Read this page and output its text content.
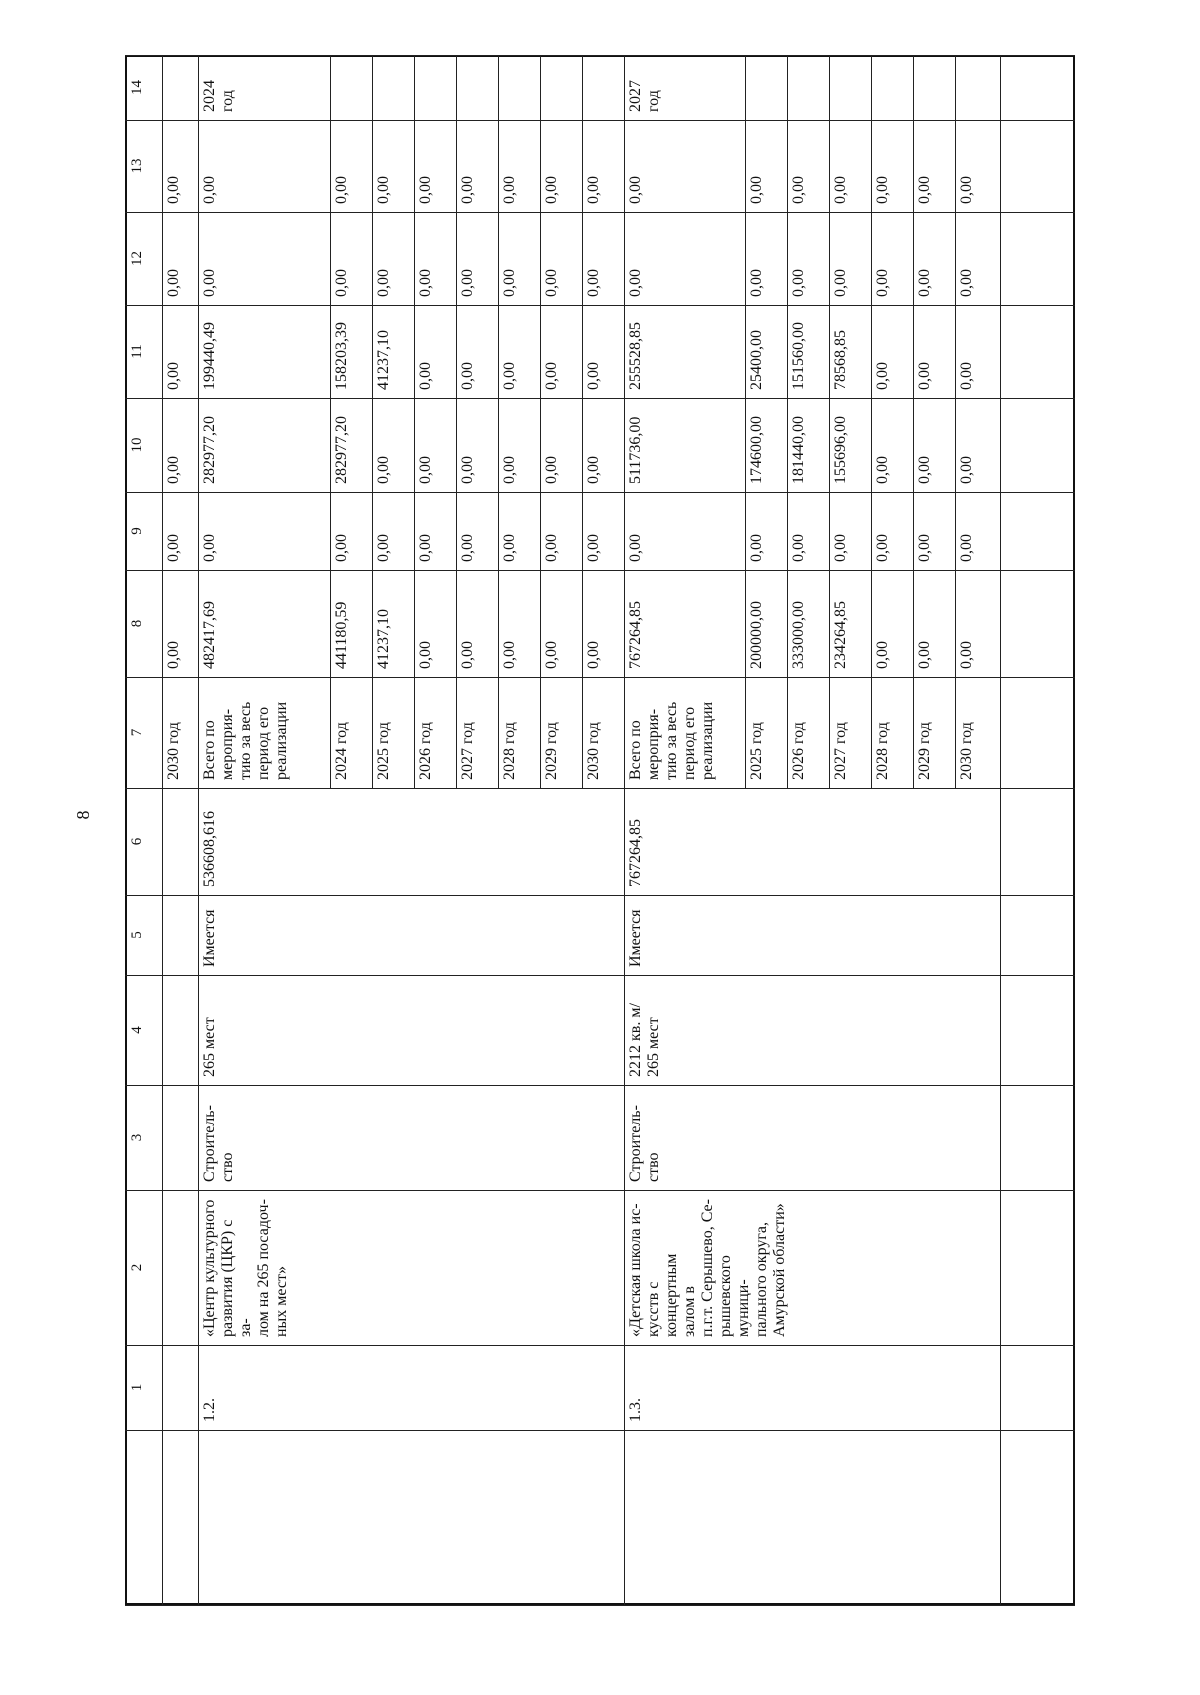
8
1
2
3
4
5
6
7
8
9
10
11
12
13
14
2030 год
0,00
0,00
0,00
0,00
0,00
0,00
1.2.
«Центр культурного
развития (ЦКР) с за-
лом на 265 посадоч-
ных мест»
Строитель-
ство
265 мест
Имеется
536608,616
Всего по
мероприя-
тию за весь
период его
реализации
482417,69
0,00
282977,20
199440,49
0,00
0,00
2024
год
2024 год
441180,59
0,00
282977,20
158203,39
0,00
0,00
2025 год
41237,10
0,00
0,00
41237,10
0,00
0,00
2026 год
0,00
0,00
0,00
0,00
0,00
0,00
2027 год
0,00
0,00
0,00
0,00
0,00
0,00
2028 год
0,00
0,00
0,00
0,00
0,00
0,00
2029 год
0,00
0,00
0,00
0,00
0,00
0,00
2030 год
0,00
0,00
0,00
0,00
0,00
0,00
1.3.
«Детская школа ис-
кусств с концертным
залом в
п.г.т. Серышево, Се-
рышевского муници-
пального округа,
Амурской области»
Строитель-
ство
2212 кв. м/
265 мест
Имеется
767264,85
Всего по
мероприя-
тию за весь
период его
реализации
767264,85
0,00
511736,00
255528,85
0,00
0,00
2027
год
2025 год
200000,00
0,00
174600,00
25400,00
0,00
0,00
2026 год
333000,00
0,00
181440,00
151560,00
0,00
0,00
2027 год
234264,85
0,00
155696,00
78568,85
0,00
0,00
2028 год
0,00
0,00
0,00
0,00
0,00
0,00
2029 год
0,00
0,00
0,00
0,00
0,00
0,00
2030 год
0,00
0,00
0,00
0,00
0,00
0,00
